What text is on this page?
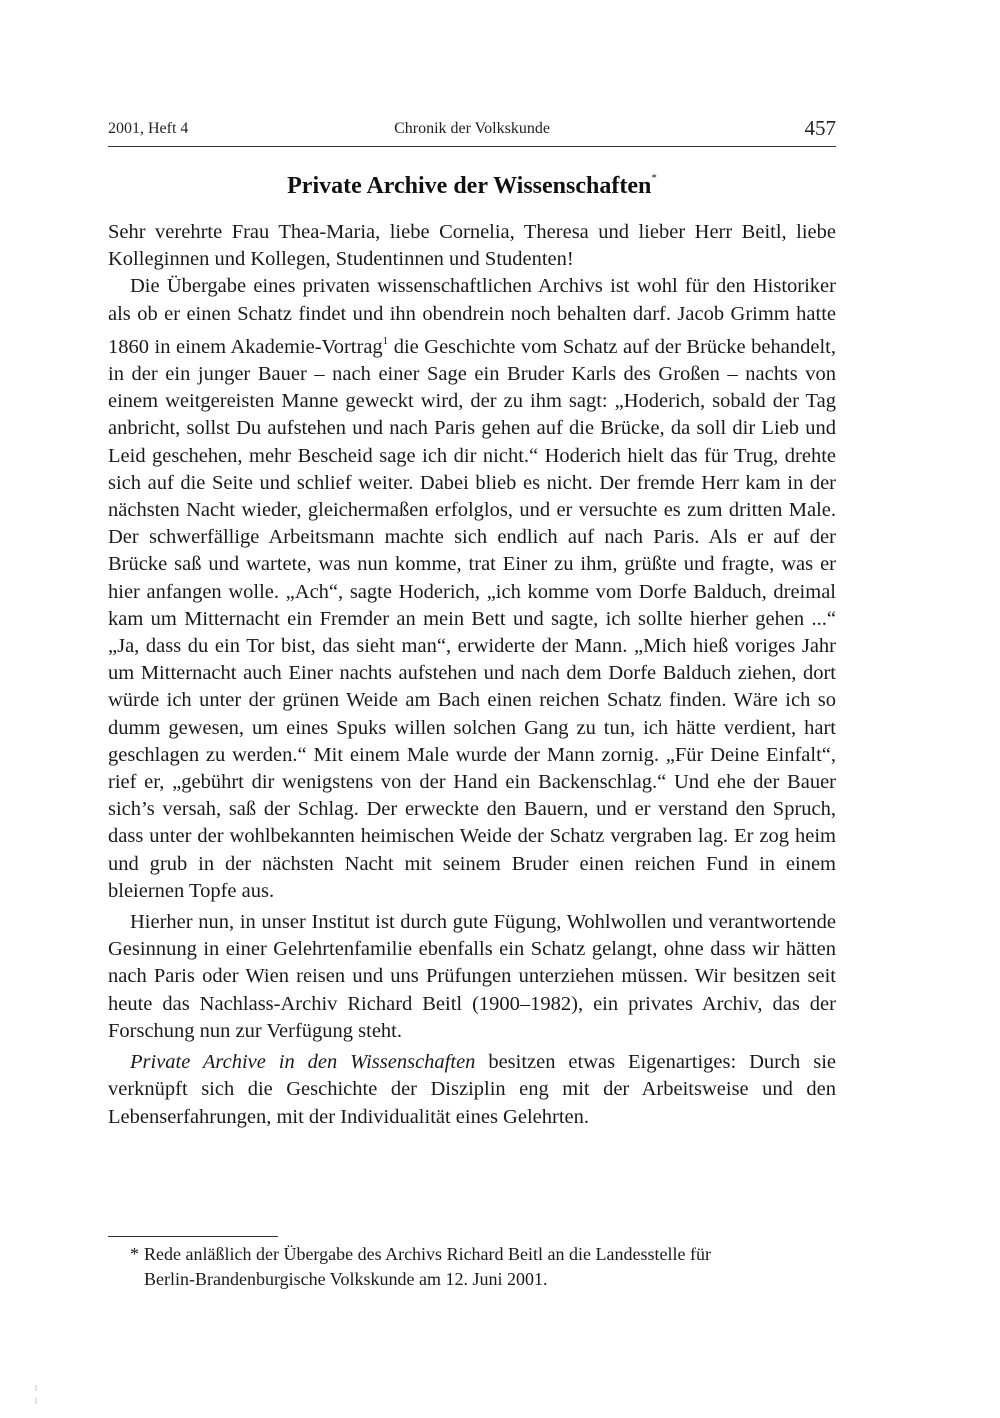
2001, Heft 4	Chronik der Volkskunde	457
Private Archive der Wissenschaften*

Sehr verehrte Frau Thea-Maria, liebe Cornelia, Theresa und lieber Herr Beitl, liebe Kolleginnen und Kollegen, Studentinnen und Studenten!

Die Übergabe eines privaten wissenschaftlichen Archivs ist wohl für den Historiker als ob er einen Schatz findet und ihn obendrein noch behalten darf. Jacob Grimm hatte 1860 in einem Akademie-Vortrag$^1$ die Geschichte vom Schatz auf der Brücke behandelt, in der ein junger Bauer – nach einer Sage ein Bruder Karls des Großen – nachts von einem weitgereisten Manne geweckt wird, der zu ihm sagt: „Hoderich, sobald der Tag anbricht, sollst Du aufstehen und nach Paris gehen auf die Brücke, da soll dir Lieb und Leid geschehen, mehr Bescheid sage ich dir nicht.“ Hoderich hielt das für Trug, drehte sich auf die Seite und schlief weiter. Dabei blieb es nicht. Der fremde Herr kam in der nächsten Nacht wieder, gleichermaßen erfolglos, und er versuchte es zum dritten Male. Der schwerfällige Arbeitsmann machte sich endlich auf nach Paris. Als er auf der Brücke saß und wartete, was nun komme, trat Einer zu ihm, grüßte und fragte, was er hier anfangen wolle. „Ach“, sagte Hoderich, „ich komme vom Dorfe Balduch, dreimal kam um Mitternacht ein Fremder an mein Bett und sagte, ich sollte hierher gehen ...“ „Ja, dass du ein Tor bist, das sieht man“, erwiderte der Mann. „Mich hieß voriges Jahr um Mitternacht auch Einer nachts aufstehen und nach dem Dorfe Balduch ziehen, dort würde ich unter der grünen Weide am Bach einen reichen Schatz finden. Wäre ich so dumm gewesen, um eines Spuks willen solchen Gang zu tun, ich hätte verdient, hart geschlagen zu werden.“ Mit einem Male wurde der Mann zornig. „Für Deine Einfalt“, rief er, „gebührt dir wenigstens von der Hand ein Backenschlag.“ Und ehe der Bauer sich’s versah, saß der Schlag. Der erweckte den Bauern, und er verstand den Spruch, dass unter der wohlbekannten heimischen Weide der Schatz vergraben lag. Er zog heim und grub in der nächsten Nacht mit seinem Bruder einen reichen Fund in einem bleiernen Topfe aus.

Hierher nun, in unser Institut ist durch gute Fügung, Wohlwollen und verantwortende Gesinnung in einer Gelehrtenfamilie ebenfalls ein Schatz gelangt, ohne dass wir hätten nach Paris oder Wien reisen und uns Prüfungen unterziehen müssen. Wir besitzen seit heute das Nachlass-Archiv Richard Beitl (1900–1982), ein privates Archiv, das der Forschung nun zur Verfügung steht.

Private Archive in den Wissenschaften besitzen etwas Eigenartiges: Durch sie verknüpft sich die Geschichte der Disziplin eng mit der Arbeitsweise und den Lebenserfahrungen, mit der Individualität eines Gelehrten.

* Rede anläßlich der Übergabe des Archivs Richard Beitl an die Landesstelle für
Berlin-Brandenburgische Volkskunde am 12. Juni 2001.
